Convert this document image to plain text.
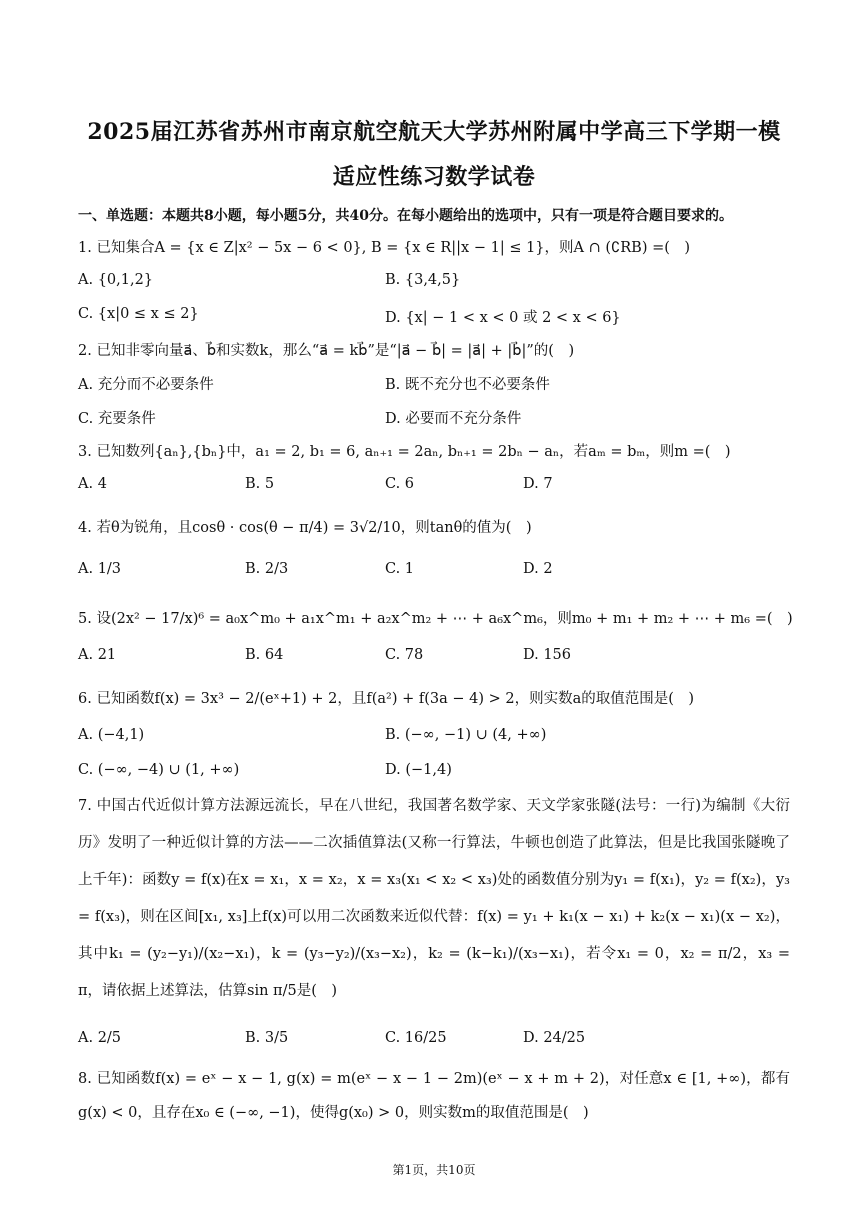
2025届江苏省苏州市南京航空航天大学苏州附属中学高三下学期一模
适应性练习数学试卷
一、单选题：本题共8小题，每小题5分，共40分。在每小题给出的选项中，只有一项是符合题目要求的。
1. 已知集合A = {x ∈ Z|x² − 5x − 6 < 0}, B = {x ∈ R||x − 1| ≤ 1}，则A ∩ (∁RB) =(　)
A. {0,1,2}	B. {3,4,5}
C. {x|0 ≤ x ≤ 2}	D. {x| − 1 < x < 0 或 2 < x < 6}
2. 已知非零向量a⃗、b⃗和实数k，那么“a⃗ = kb⃗”是“|a⃗ − b⃗| = |a⃗| + |b⃗|”的(　)
A. 充分而不必要条件	B. 既不充分也不必要条件
C. 充要条件	D. 必要而不充分条件
3. 已知数列{aₙ},{bₙ}中，a₁ = 2, b₁ = 6, aₙ₊₁ = 2aₙ, bₙ₊₁ = 2bₙ − aₙ，若aₘ = bₘ，则m =(　)
A. 4	B. 5	C. 6	D. 7
4. 若θ为锐角，且cosθ · cos(θ − π/4) = 3√2/10，则tanθ的值为(　)
A. 1/3	B. 2/3	C. 1	D. 2
5. 设(2x² − 17/x)⁶ = a₀x^m₀ + a₁x^m₁ + a₂x^m₂ + ⋯ + a₆x^m₆，则m₀ + m₁ + m₂ + ⋯ + m₆ =(　)
A. 21	B. 64	C. 78	D. 156
6. 已知函数f(x) = 3x³ − 2/(eˣ+1) + 2，且f(a²) + f(3a − 4) > 2，则实数a的取值范围是(　)
A. (−4,1)	B. (−∞, −1) ∪ (4, +∞)
C. (−∞, −4) ∪ (1, +∞)	D. (−1,4)
7. 中国古代近似计算方法源远流长，早在八世纪，我国著名数学家、天文学家张隧(法号：一行)为编制《大衍历》发明了一种近似计算的方法——二次插值算法(又称一行算法，牛顿也创造了此算法，但是比我国张隧晚了上千年)：函数y = f(x)在x = x₁，x = x₂，x = x₃(x₁ < x₂ < x₃)处的函数值分别为y₁ = f(x₁)，y₂ = f(x₂)，y₃ = f(x₃)，则在区间[x₁, x₃]上f(x)可以用二次函数来近似代替：f(x) = y₁ + k₁(x − x₁) + k₂(x − x₁)(x − x₂)，其中k₁ = (y₂−y₁)/(x₂−x₁)，k = (y₃−y₂)/(x₃−x₂)，k₂ = (k−k₁)/(x₃−x₁)，若令x₁ = 0，x₂ = π/2，x₃ = π，请依据上述算法，估算sin π/5是(　)
A. 2/5	B. 3/5	C. 16/25	D. 24/25
8. 已知函数f(x) = eˣ − x − 1, g(x) = m(eˣ − x − 1 − 2m)(eˣ − x + m + 2)，对任意x ∈ [1, +∞)，都有g(x) < 0，且存在x₀ ∈ (−∞, −1)，使得g(x₀) > 0，则实数m的取值范围是(　)
第1页，共10页
